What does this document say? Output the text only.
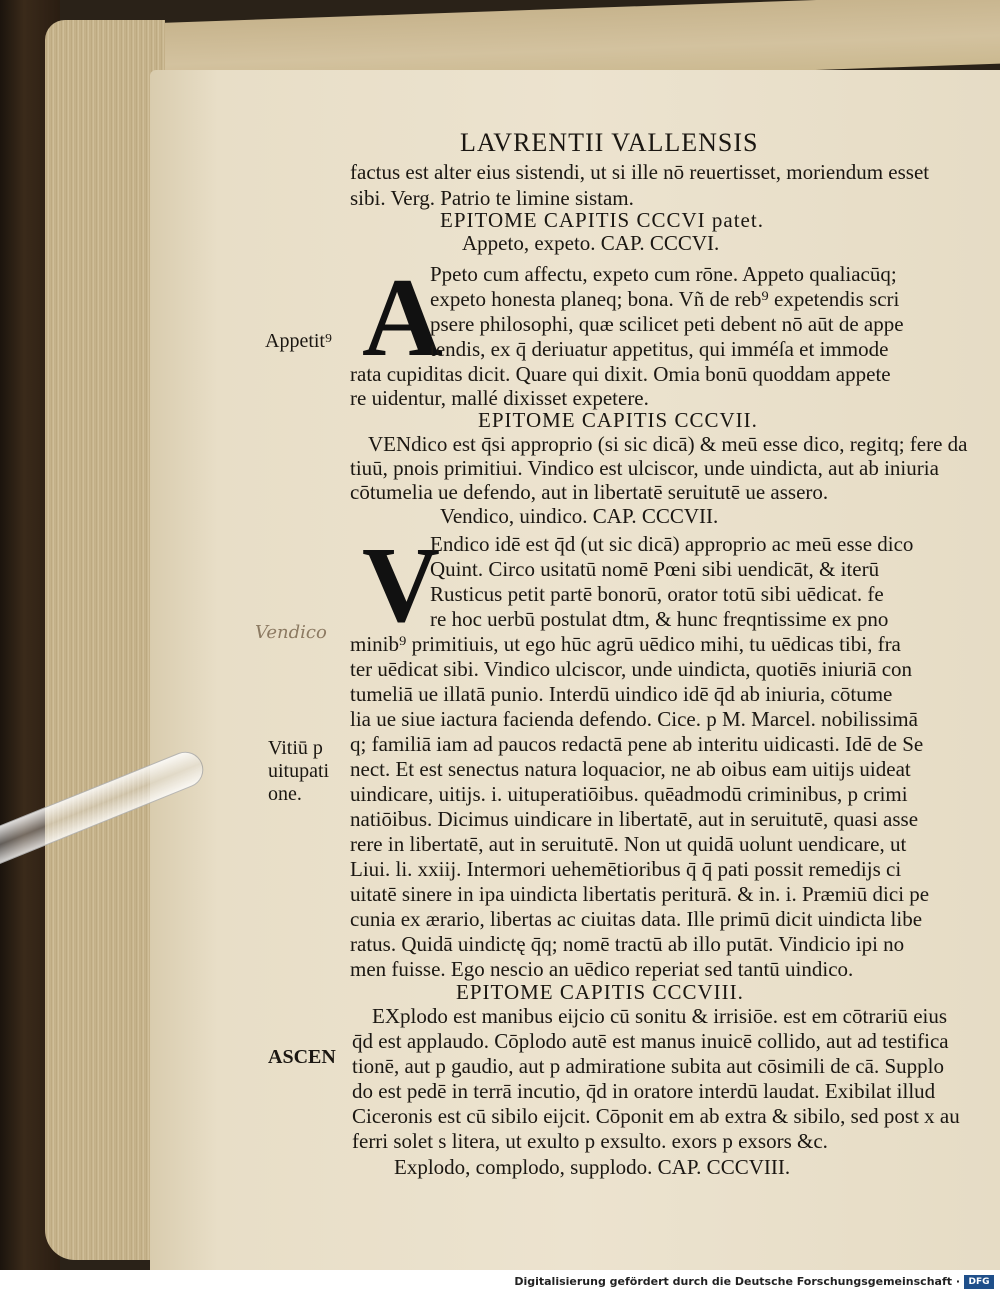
LAVRENTII VALLENSIS
factus est alter eius sistendi, ut si ille nō reuertisset, moriendum esset
sibi. Verg. Patrio te limine sistam.
EPITOME CAPITIS CCCVI patet.
Appeto, expeto. CAP. CCCVI.
A
Ppeto cum affectu, expeto cum rōne. Appeto qualiacūq;
expeto honesta planeq; bona. Vñ de reb⁹ expetendis scri
psere philosophi, quæ scilicet peti debent nō aūt de appe
tendis, ex q̄ deriuatur appetitus, qui imméſa et immode
rata cupiditas dicit. Quare qui dixit. Omia bonū quoddam appete
re uidentur, mallé dixisset expetere.
EPITOME CAPITIS CCCVII.
VENdico est q̄si approprio (si sic dicā) & meū esse dico, regitq; fere da
tiuū, pnois primitiui. Vindico est ulciscor, unde uindicta, aut ab iniuria
cōtumelia ue defendo, aut in libertatē seruitutē ue assero.
Vendico, uindico. CAP. CCCVII.
V
Endico idē est q̄d (ut sic dicā) approprio ac meū esse dico
Quint. Circo usitatū nomē Pœni sibi uendicāt, & iterū
Rusticus petit partē bonorū, orator totū sibi uēdicat. fe
re hoc uerbū postulat dtm, & hunc freqntissime ex pno
minib⁹ primitiuis, ut ego hūc agrū uēdico mihi, tu uēdicas tibi, fra
ter uēdicat sibi. Vindico ulciscor, unde uindicta, quotiēs iniuriā con
tumeliā ue illatā punio. Interdū uindico idē q̄d ab iniuria, cōtume
lia ue siue iactura facienda defendo. Cice. p M. Marcel. nobilissimā
q; familiā iam ad paucos redactā pene ab interitu uidicasti. Idē de Se
nect. Et est senectus natura loquacior, ne ab oibus eam uitijs uideat
uindicare, uitijs. i. uituperatiōibus. quēadmodū criminibus, p crimi
natiōibus. Dicimus uindicare in libertatē, aut in seruitutē, quasi asse
rere in libertatē, aut in seruitutē. Non ut quidā uolunt uendicare, ut
Liui. li. xxiij. Intermori uehemētioribus q̄ q̄ pati possit remedijs ci
uitatē sinere in ipa uindicta libertatis periturā. & in. i. Præmiū dici pe
cunia ex ærario, libertas ac ciuitas data. Ille primū dicit uindicta libe
ratus. Quidā uindictę q̄q; nomē tractū ab illo putāt. Vindicio ipi no
men fuisse. Ego nescio an uēdico reperiat sed tantū uindico.
EPITOME CAPITIS CCCVIII.
EXplodo est manibus eijcio cū sonitu & irrisiōe. est em cōtrariū eius
q̄d est applaudo. Cōplodo autē est manus inuicē collido, aut ad testifica
tionē, aut p gaudio, aut p admiratione subita aut cōsimili de cā. Supplo
do est pedē in terrā incutio, q̄d in oratore interdū laudat. Exibilat illud
Ciceronis est cū sibilo eijcit. Cōponit em ab extra & sibilo, sed post x au
ferri solet s litera, ut exulto p exsulto. exors p exsors &c.
Explodo, complodo, supplodo. CAP. CCCVIII.
Appetit⁹
Vendico
Vitiū p
uitupati
one.
ASCEN
Digitalisierung gefördert durch die Deutsche Forschungsgemeinschaft · DFG
